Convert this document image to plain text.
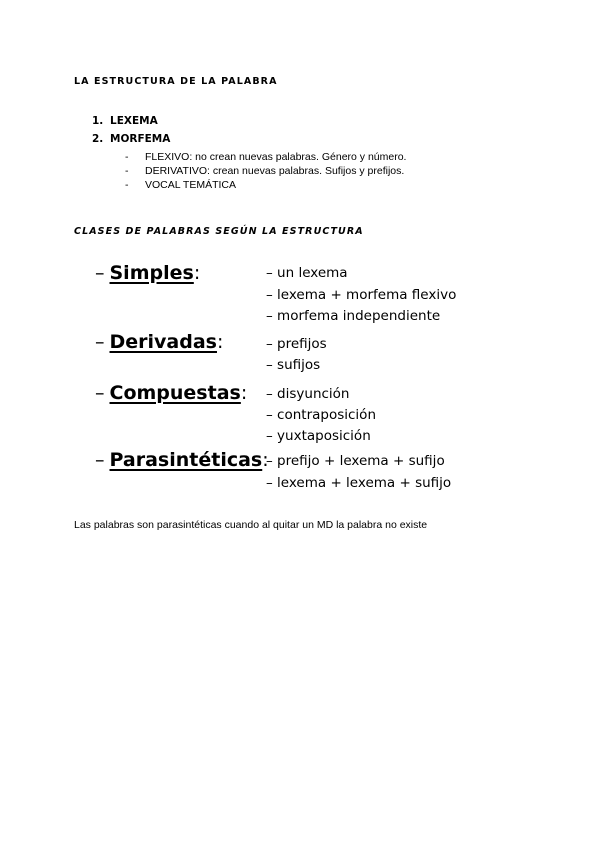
LA ESTRUCTURA DE LA PALABRA
1. LEXEMA
2. MORFEMA
- FLEXIVO: no crean nuevas palabras. Género y número.
- DERIVATIVO: crean nuevas palabras. Sufijos y prefijos.
- VOCAL TEMÁTICA
CLASES DE PALABRAS SEGÚN LA ESTRUCTURA
– Simples:	– un lexema
– lexema + morfema flexivo
– morfema independiente
– Derivadas:	– prefijos
– sufijos
– Compuestas: – disyunción
– contraposición
– yuxtaposición
– Parasintéticas:
– prefijo + lexema + sufijo
– lexema + lexema + sufijo
Las palabras son parasintéticas cuando al quitar un MD la palabra no existe
